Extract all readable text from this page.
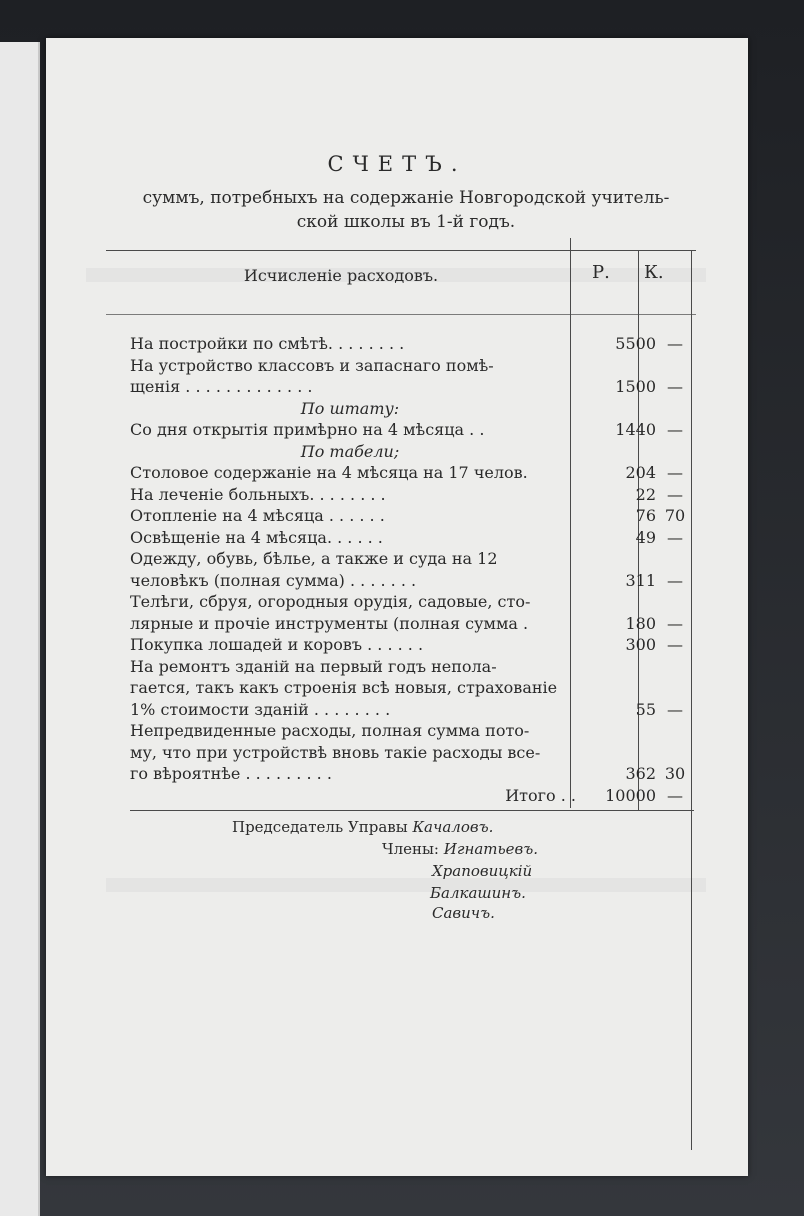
СЧЕТЪ.
суммъ, потребныхъ на содержаніе Новгородской учитель-
ской школы въ 1-й годъ.
Исчисленіе расходовъ.	Р. К.
На постройки по смѣтѣ. . . . . . . .	5500 —
На устройство классовъ и запаснаго помѣ-
щенія . . . . . . . . . . . . .	1500 —
По штату:
Со дня открытія примѣрно на 4 мѣсяца . .	1440 —
По табели;
Столовое содержаніе на 4 мѣсяца на 17 челов.	204 —
На леченіе больныхъ. . . . . . . .	22 —
Отопленіе на 4 мѣсяца . . . . . .	76 70
Освѣщеніе на 4 мѣсяца. . . . . .	49 —
Одежду, обувь, бѣлье, а также и суда на 12
человѣкъ (полная сумма) . . . . . . .	311 —
Телѣги, сбруя, огородныя орудія, садовые, сто-
лярные и прочіе инструменты (полная сумма .	180 —
Покупка лошадей и коровъ . . . . . .	300 —
На ремонтъ зданій на первый годъ непола-
гается, такъ какъ строенія всѣ новыя, страхованіе
1% стоимости зданій . . . . . . . .	55 —
Непредвиденные расходы, полная сумма пото-
му, что при устройствѣ вновь такіе расходы все-
го вѣроятнѣе . . . . . . . . .	362 30
Итого . .	10000 —
Председатель Управы Качаловъ.
Члены: Игнатьевъ.
Храповицкій
Балкашинъ.
Савичъ.
